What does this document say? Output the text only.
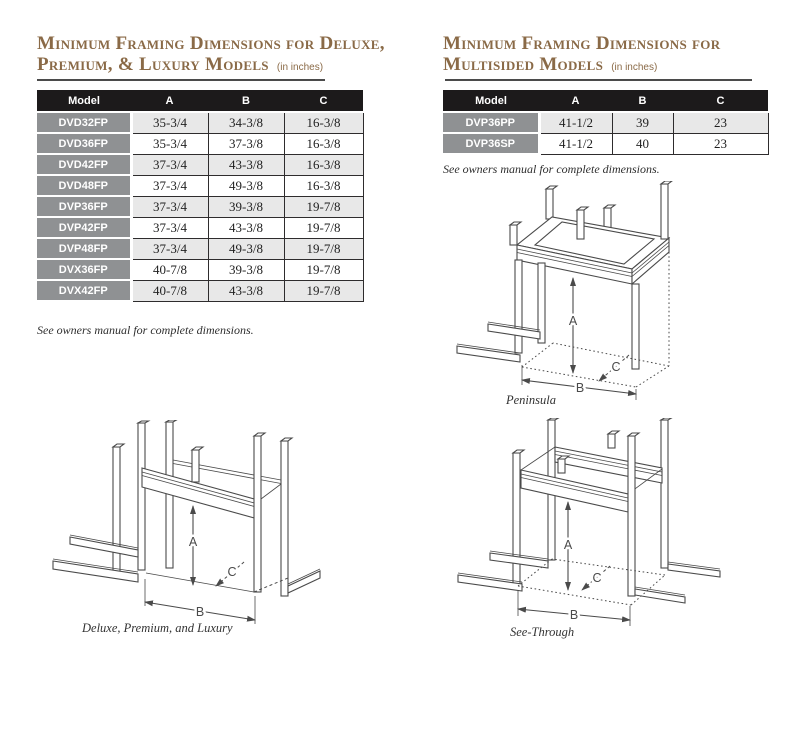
Minimum Framing Dimensions for Deluxe,
Premium, & Luxury Models (in inches)
Model	A	B	C
DVD32FP	35-3/4	34-3/8	16-3/8
DVD36FP	35-3/4	37-3/8	16-3/8
DVD42FP	37-3/4	43-3/8	16-3/8
DVD48FP	37-3/4	49-3/8	16-3/8
DVP36FP	37-3/4	39-3/8	19-7/8
DVP42FP	37-3/4	43-3/8	19-7/8
DVP48FP	37-3/4	49-3/8	19-7/8
DVX36FP	40-7/8	39-3/8	19-7/8
DVX42FP	40-7/8	43-3/8	19-7/8

See owners manual for complete dimensions.

A
C
B
Deluxe, Premium, and Luxury
Minimum Framing Dimensions for
Multisided Models (in inches)
Model	A	B	C
DVP36PP	41-1/2	39	23
DVP36SP	41-1/2	40	23

See owners manual for complete dimensions.

A
C
B
Peninsula
A
C
B
See-Through
